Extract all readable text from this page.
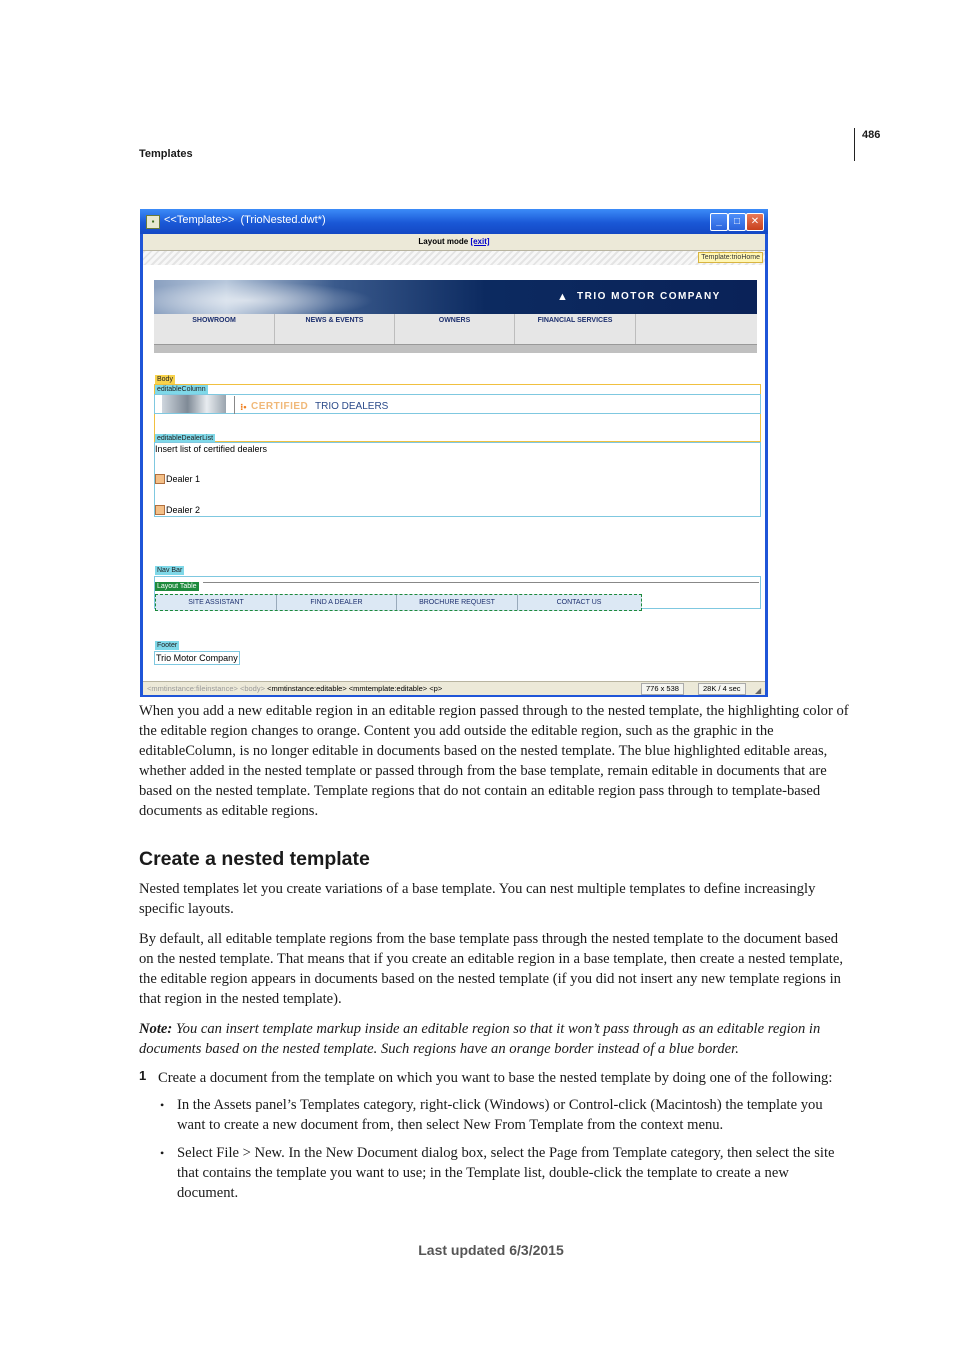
486
Templates
▪ <<Template>>  (TrioNested.dwt*)	_	□	✕
Layout mode [exit]
Template:trioHome
▲ TRIO MOTOR COMPANY
SHOWROOM	NEWS & EVENTS	OWNERS	FINANCIAL SERVICES
Body
editableColumn
⁝• CERTIFIED TRIO DEALERS
editableDealerList
Insert list of certified dealers
Dealer 1
Dealer 2
Nav Bar
Layout Table
SITE ASSISTANT	FIND A DEALER	BROCHURE REQUEST	CONTACT US
Footer
Trio Motor Company
<mmtinstance:fileinstance> <body> <mmtinstance:editable> <mmtemplate:editable> <p>	776 x 538	28K / 4 sec	◢
When you add a new editable region in an editable region passed through to the nested template, the highlighting color of the editable region changes to orange. Content you add outside the editable region, such as the graphic in the editableColumn, is no longer editable in documents based on the nested template. The blue highlighted editable areas, whether added in the nested template or passed through from the base template, remain editable in documents that are based on the nested template. Template regions that do not contain an editable region pass through to template-based documents as editable regions.
Create a nested template
Nested templates let you create variations of a base template. You can nest multiple templates to define increasingly specific layouts.
By default, all editable template regions from the base template pass through the nested template to the document based on the nested template. That means that if you create an editable region in a base template, then create a nested template, the editable region appears in documents based on the nested template (if you did not insert any new template regions in that region in the nested template).
Note: You can insert template markup inside an editable region so that it won’t pass through as an editable region in documents based on the nested template. Such regions have an orange border instead of a blue border.
1 Create a document from the template on which you want to base the nested template by doing one of the following:
• In the Assets panel’s Templates category, right-click (Windows) or Control-click (Macintosh) the template you want to create a new document from, then select New From Template from the context menu.
• Select File > New. In the New Document dialog box, select the Page from Template category, then select the site that contains the template you want to use; in the Template list, double-click the template to create a new document.
Last updated 6/3/2015
